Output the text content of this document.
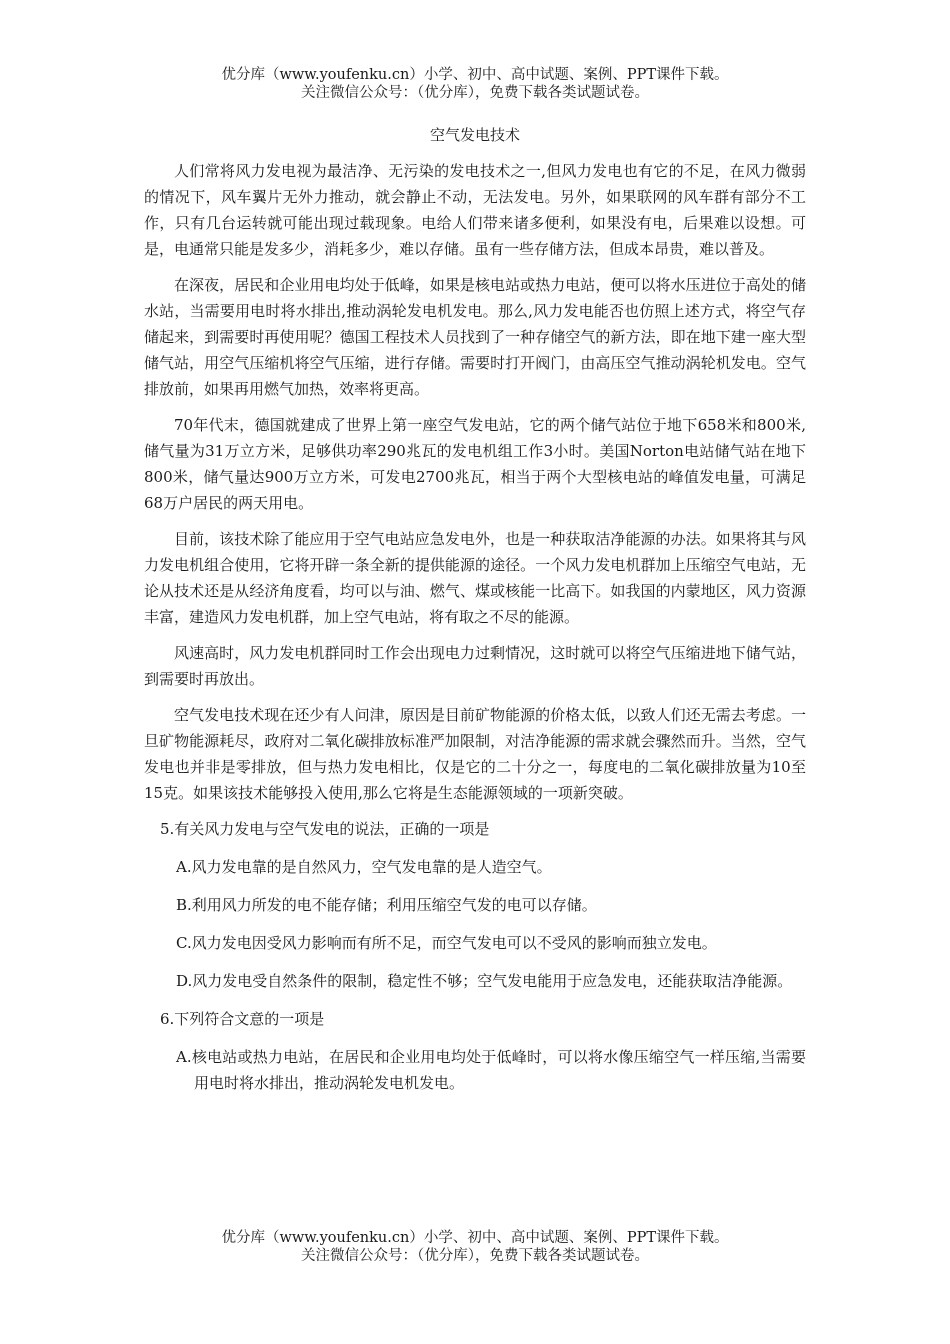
优分库（www.youfenku.cn）小学、初中、高中试题、案例、PPT课件下载。
关注微信公众号：（优分库），免费下载各类试题试卷。
空气发电技术

人们常将风力发电视为最洁净、无污染的发电技术之一,但风力发电也有它的不足，在风力微弱的情况下，风车翼片无外力推动，就会静止不动，无法发电。另外，如果联网的风车群有部分不工作，只有几台运转就可能出现过载现象。电给人们带来诸多便利，如果没有电，后果难以设想。可是，电通常只能是发多少，消耗多少，难以存储。虽有一些存储方法，但成本昂贵，难以普及。

在深夜，居民和企业用电均处于低峰，如果是核电站或热力电站，便可以将水压进位于高处的储水站，当需要用电时将水排出,推动涡轮发电机发电。那么,风力发电能否也仿照上述方式，将空气存储起来，到需要时再使用呢？德国工程技术人员找到了一种存储空气的新方法，即在地下建一座大型储气站，用空气压缩机将空气压缩，进行存储。需要时打开阀门，由高压空气推动涡轮机发电。空气排放前，如果再用燃气加热，效率将更高。

70年代末，德国就建成了世界上第一座空气发电站，它的两个储气站位于地下658米和800米,储气量为31万立方米，足够供功率290兆瓦的发电机组工作3小时。美国Norton电站储气站在地下800米，储气量达900万立方米，可发电2700兆瓦，相当于两个大型核电站的峰值发电量，可满足68万户居民的两天用电。

目前，该技术除了能应用于空气电站应急发电外，也是一种获取洁净能源的办法。如果将其与风力发电机组合使用，它将开辟一条全新的提供能源的途径。一个风力发电机群加上压缩空气电站，无论从技术还是从经济角度看，均可以与油、燃气、煤或核能一比高下。如我国的内蒙地区，风力资源丰富，建造风力发电机群，加上空气电站，将有取之不尽的能源。

风速高时，风力发电机群同时工作会出现电力过剩情况，这时就可以将空气压缩进地下储气站，到需要时再放出。

空气发电技术现在还少有人问津，原因是目前矿物能源的价格太低，以致人们还无需去考虑。一旦矿物能源耗尽，政府对二氧化碳排放标准严加限制，对洁净能源的需求就会骤然而升。当然，空气发电也并非是零排放，但与热力发电相比，仅是它的二十分之一，每度电的二氧化碳排放量为10至15克。如果该技术能够投入使用,那么它将是生态能源领域的一项新突破。

5.有关风力发电与空气发电的说法，正确的一项是
A.风力发电靠的是自然风力，空气发电靠的是人造空气。
B.利用风力所发的电不能存储；利用压缩空气发的电可以存储。
C.风力发电因受风力影响而有所不足，而空气发电可以不受风的影响而独立发电。
D.风力发电受自然条件的限制，稳定性不够；空气发电能用于应急发电，还能获取洁净能源。
6.下列符合文意的一项是
A.核电站或热力电站，在居民和企业用电均处于低峰时，可以将水像压缩空气一样压缩,当需要用电时将水排出，推动涡轮发电机发电。
优分库（www.youfenku.cn）小学、初中、高中试题、案例、PPT课件下载。
关注微信公众号：（优分库），免费下载各类试题试卷。
